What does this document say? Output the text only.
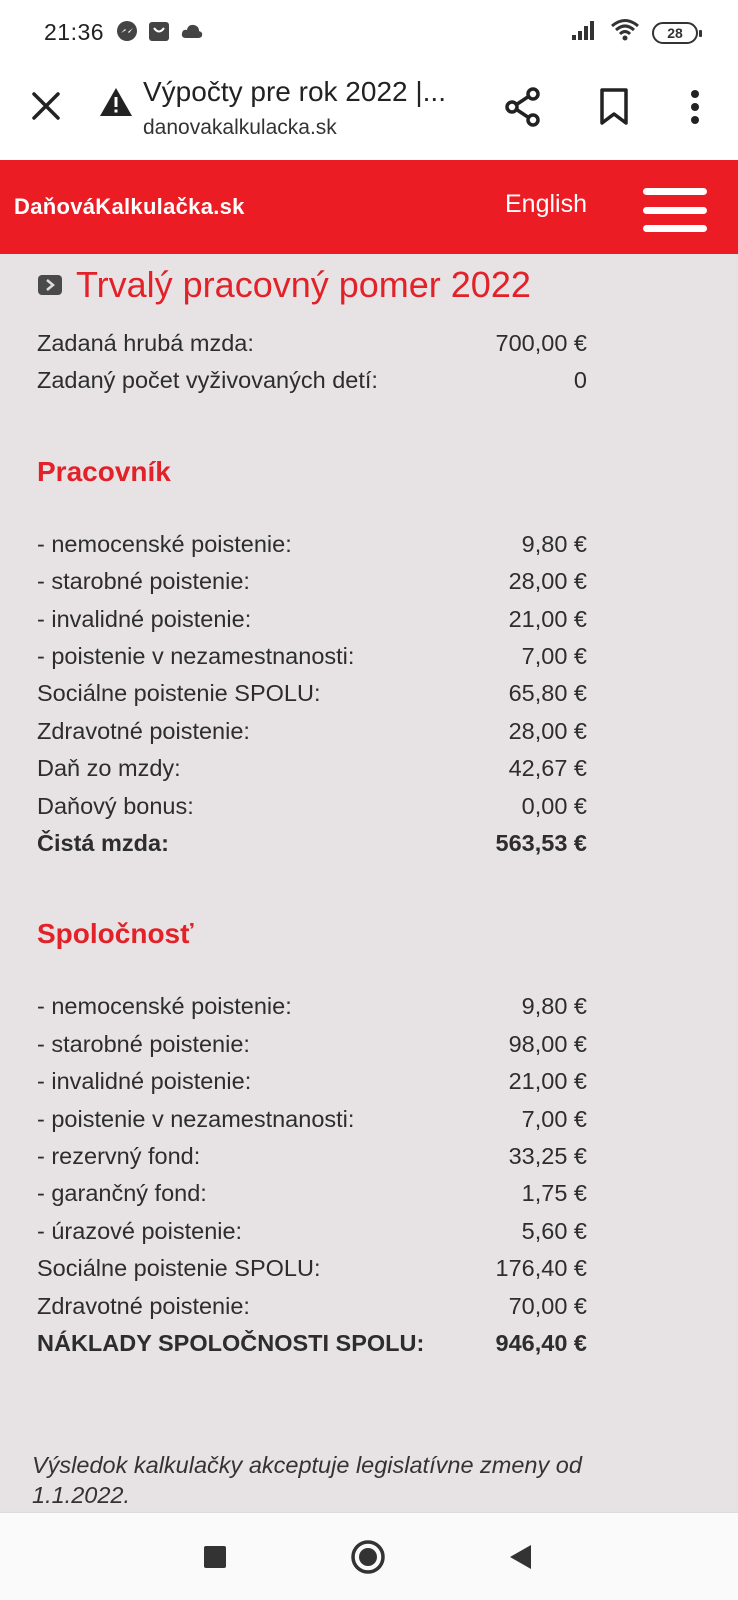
21:36	28
Výpočty pre rok 2022 |...
danovakalkulacka.sk
DaňováKalkulačka.sk	English
Trvalý pracovný pomer 2022
Zadaná hrubá mzda:	700,00 €
Zadaný počet vyživovaných detí:	0
Pracovník
- nemocenské poistenie:	9,80 €
- starobné poistenie:	28,00 €
- invalidné poistenie:	21,00 €
- poistenie v nezamestnanosti:	7,00 €
Sociálne poistenie SPOLU:	65,80 €
Zdravotné poistenie:	28,00 €
Daň zo mzdy:	42,67 €
Daňový bonus:	0,00 €
Čistá mzda:	563,53 €
Spoločnosť
- nemocenské poistenie:	9,80 €
- starobné poistenie:	98,00 €
- invalidné poistenie:	21,00 €
- poistenie v nezamestnanosti:	7,00 €
- rezervný fond:	33,25 €
- garančný fond:	1,75 €
- úrazové poistenie:	5,60 €
Sociálne poistenie SPOLU:	176,40 €
Zdravotné poistenie:	70,00 €
NÁKLADY SPOLOČNOSTI SPOLU:	946,40 €

Výsledok kalkulačky akceptuje legislatívne zmeny od 1.1.2022.
